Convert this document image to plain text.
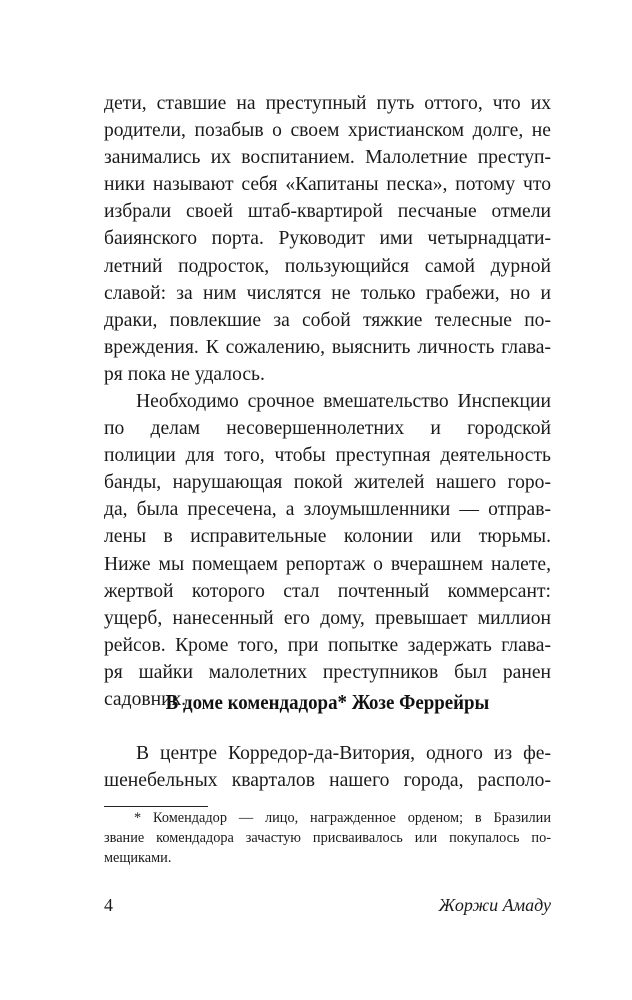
дети, ставшие на преступный путь оттого, что их
родители, позабыв о своем христианском долге, не
занимались их воспитанием. Малолетние преступ-
ники называют себя «Капитаны песка», потому что
избрали своей штаб-квартирой песчаные отмели
баиянского порта. Руководит ими четырнадцати-
летний подросток, пользующийся самой дурной
славой: за ним числятся не только грабежи, но и
драки, повлекшие за собой тяжкие телесные по-
вреждения. К сожалению, выяснить личность глава-
ря пока не удалось.
Необходимо срочное вмешательство Инспекции
по делам несовершеннолетних и городской
полиции для того, чтобы преступная деятельность
банды, нарушающая покой жителей нашего горо-
да, была пресечена, а злоумышленники — отправ-
лены в исправительные колонии или тюрьмы.
Ниже мы помещаем репортаж о вчерашнем налете,
жертвой которого стал почтенный коммерсант:
ущерб, нанесенный его дому, превышает миллион
рейсов. Кроме того, при попытке задержать глава-
ря шайки малолетних преступников был ранен
садовник.
В доме комендадора* Жозе Феррейры
В центре Корредор-да-Витория, одного из фе-
шенебельных кварталов нашего города, располо-
* Комендадор — лицо, награжденное орденом; в Бразилии
звание комендадора зачастую присваивалось или покупалось по-
мещиками.
4	Жоржи Амаду
